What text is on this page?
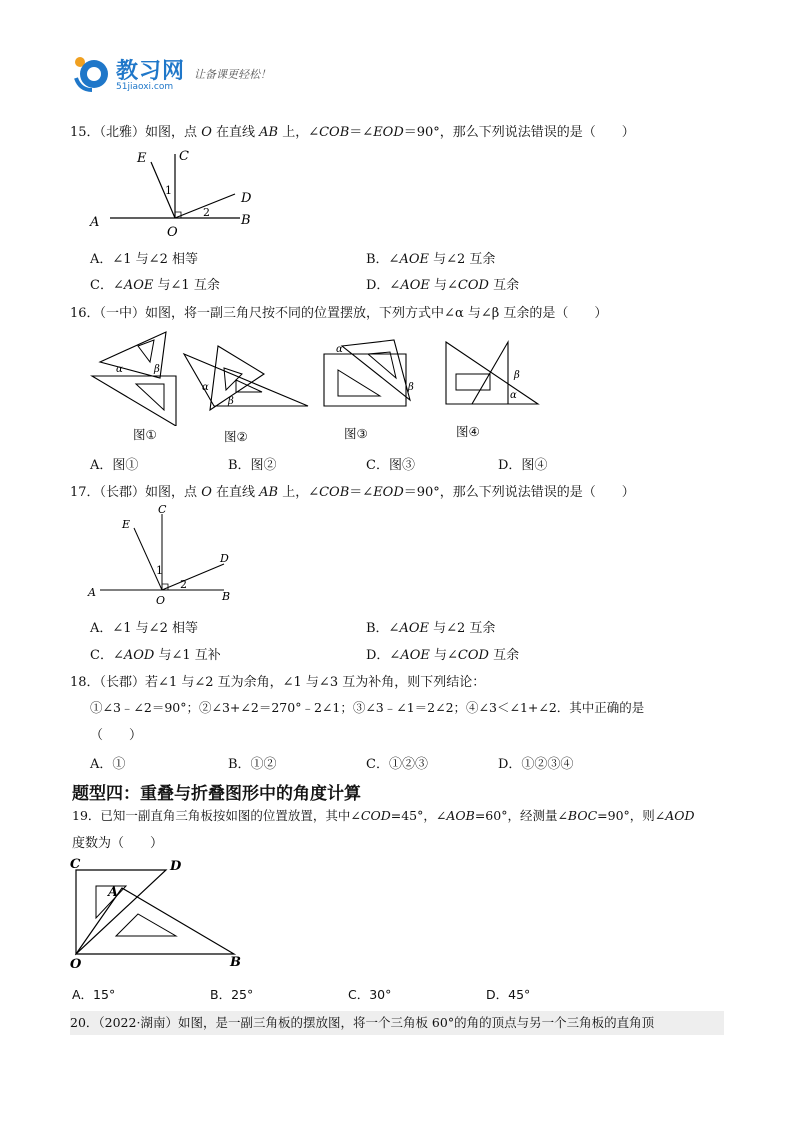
教习网
51jiaoxi.com
让备课更轻松！
15．（北雅）如图，点 O 在直线 AB 上，∠COB＝∠EOD＝90°，那么下列说法错误的是（　　）
E	C
D
A	B
O
1
2
A．∠1 与∠2 相等	B．∠AOE 与∠2 互余
C．∠AOE 与∠1 互余	D．∠AOE 与∠COD 互余
16．（一中）如图，将一副三角尺按不同的位置摆放，下列方式中∠α 与∠β 互余的是（　　）
α	β
图①
α
β
图②
α
β
图③
β
α
图④
A．图①	B．图②	C．图③	D．图④
17．（长郡）如图，点 O 在直线 AB 上，∠COB＝∠EOD＝90°，那么下列说法错误的是（　　）
E
C
D
A	B
O
1
2
A．∠1 与∠2 相等	B．∠AOE 与∠2 互余
C．∠AOD 与∠1 互补	D．∠AOE 与∠COD 互余
18．（长郡）若∠1 与∠2 互为余角，∠1 与∠3 互为补角，则下列结论：
①∠3﹣∠2＝90°；②∠3+∠2＝270°﹣2∠1；③∠3﹣∠1＝2∠2；④∠3＜∠1+∠2．其中正确的是
（　　）
A．①	B．①②	C．①②③	D．①②③④
题型四：重叠与折叠图形中的角度计算
19．已知一副直角三角板按如图的位置放置，其中∠COD=45°，∠AOB=60°，经测量∠BOC=90°，则∠AOD
度数为（　　）
C	D
A
O	B
A．15°	B．25°	C．30°	D．45°
20．（2022·湖南）如图，是一副三角板的摆放图，将一个三角板 60°的角的顶点与另一个三角板的直角顶
